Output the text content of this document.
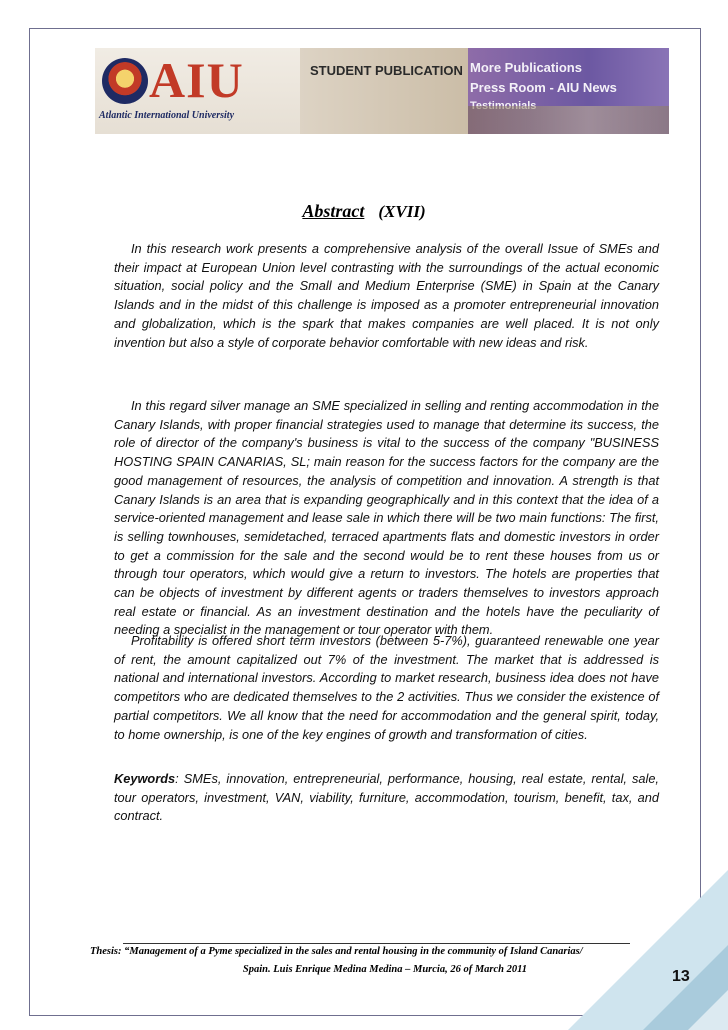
AIU
Atlantic International University
STUDENT PUBLICATION More Publications
Press Room - AIU News
Abstract (XVII)

In this research work presents a comprehensive analysis of the overall Issue of SMEs and their impact at European Union level contrasting with the surroundings of the actual economic situation, social policy and the Small and Medium Enterprise (SME) in Spain at the Canary Islands and in the midst of this challenge is imposed as a promoter entrepreneurial innovation and globalization, which is the spark that makes companies are well placed. It is not only invention but also a style of corporate behavior comfortable with new ideas and risk.

In this regard silver manage an SME specialized in selling and renting accommodation in the Canary Islands, with proper financial strategies used to manage that determine its success, the role of director of the company's business is vital to the success of the company "BUSINESS HOSTING SPAIN CANARIAS, SL; main reason for the success factors for the company are the good management of resources, the analysis of competition and innovation. A strength is that Canary Islands is an area that is expanding geographically and in this context that the idea of a service-oriented management and lease sale in which there will be two main functions: The first, is selling townhouses, semidetached, terraced apartments flats and domestic investors in order to get a commission for the sale and the second would be to rent these houses from us or through tour operators, which would give a return to investors. The hotels are properties that can be objects of investment by different agents or traders themselves to investors approach real estate or financial. As an investment destination and the hotels have the peculiarity of needing a specialist in the management or tour operator with them.

Profitability is offered short term investors (between 5-7%), guaranteed renewable one year of rent, the amount capitalized out 7% of the investment. The market that is addressed is national and international investors. According to market research, business idea does not have competitors who are dedicated themselves to the 2 activities. Thus we consider the existence of partial competitors. We all know that the need for accommodation and the general spirit, today, to home ownership, is one of the key engines of growth and transformation of cities.

Keywords: SMEs, innovation, entrepreneurial, performance, housing, real estate, rental, sale, tour operators, investment, VAN, viability, furniture, accommodation, tourism, benefit, tax, and contract.

Thesis: “Management of a Pyme specialized in the sales and rental housing in the community of Island Canarias/
Spain. Luis Enrique Medina Medina – Murcia, 26 of March 2011	13
